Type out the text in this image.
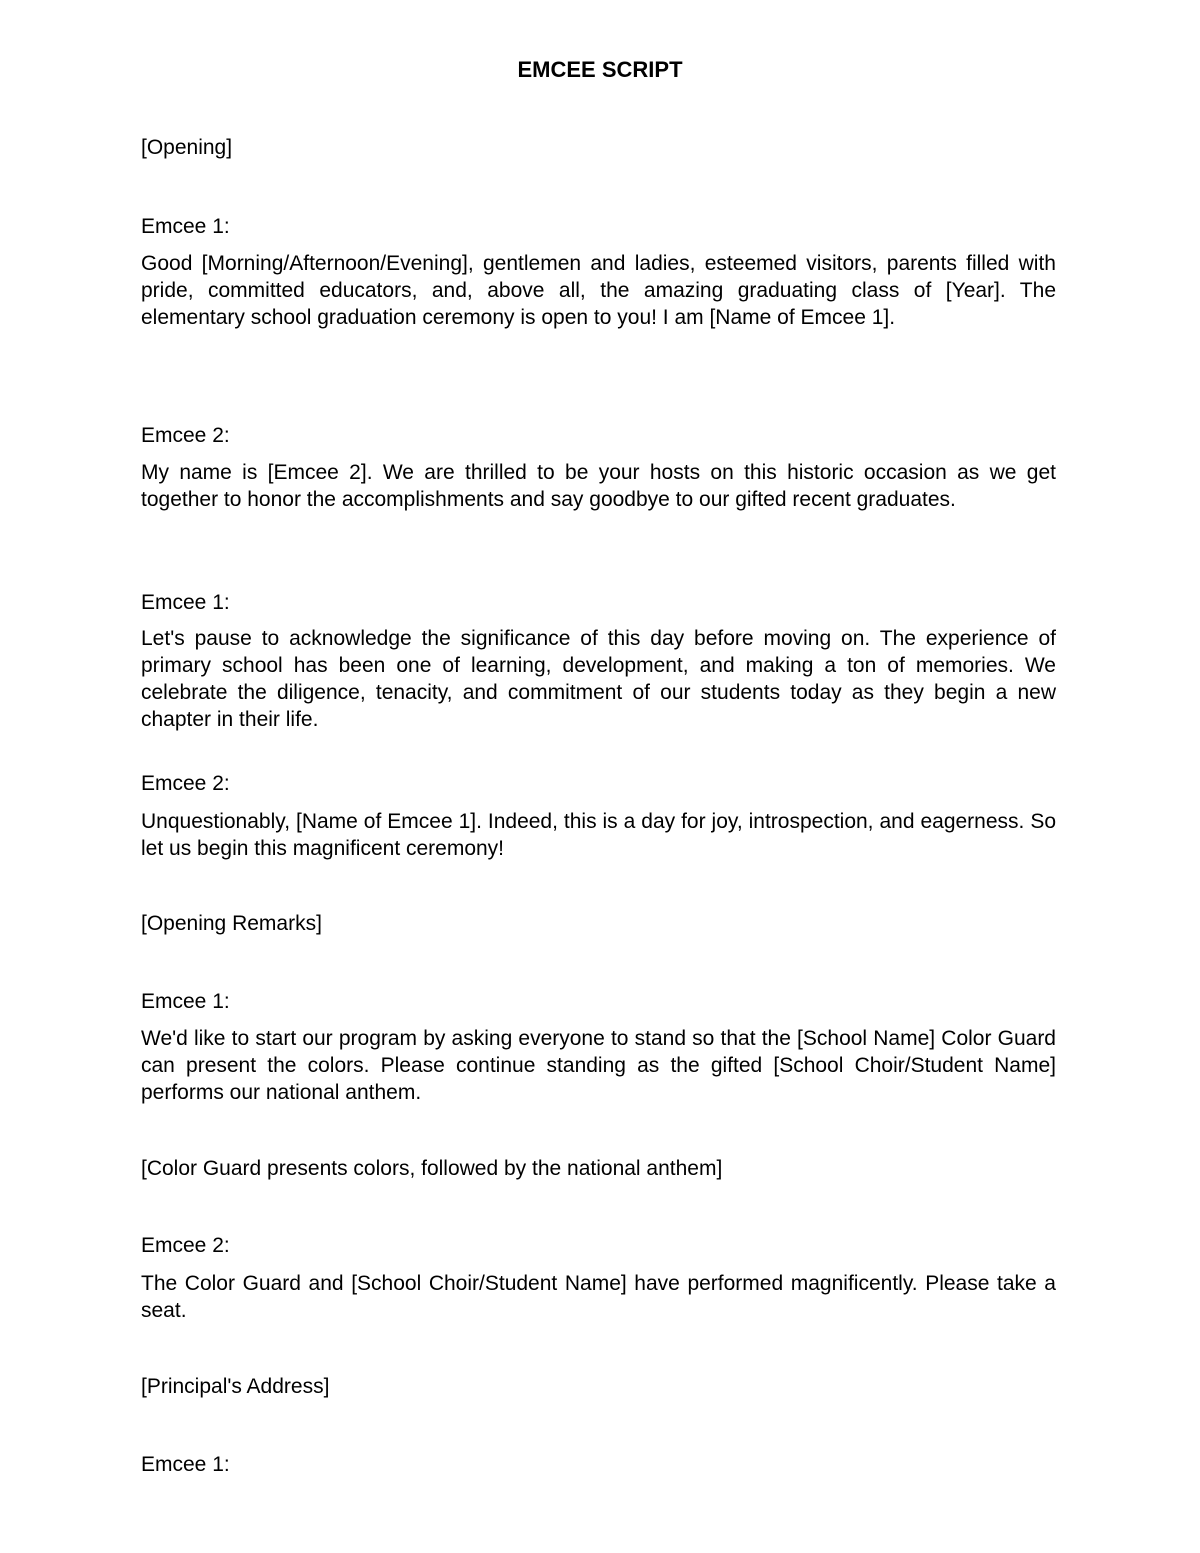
EMCEE SCRIPT
[Opening]
Emcee 1:

Good [Morning/Afternoon/Evening], gentlemen and ladies, esteemed visitors, parents filled with pride, committed educators, and, above all, the amazing graduating class of [Year]. The elementary school graduation ceremony is open to you! I am [Name of Emcee 1].

Emcee 2:

My name is [Emcee 2]. We are thrilled to be your hosts on this historic occasion as we get together to honor the accomplishments and say goodbye to our gifted recent graduates.

Emcee 1:

Let's pause to acknowledge the significance of this day before moving on. The experience of primary school has been one of learning, development, and making a ton of memories. We celebrate the diligence, tenacity, and commitment of our students today as they begin a new chapter in their life.

Emcee 2:

Unquestionably, [Name of Emcee 1]. Indeed, this is a day for joy, introspection, and eagerness. So let us begin this magnificent ceremony!

[Opening Remarks]
Emcee 1:

We'd like to start our program by asking everyone to stand so that the [School Name] Color Guard can present the colors. Please continue standing as the gifted [School Choir/Student Name] performs our national anthem.

[Color Guard presents colors, followed by the national anthem]
Emcee 2:

The Color Guard and [School Choir/Student Name] have performed magnificently. Please take a seat.

[Principal's Address]
Emcee 1:
